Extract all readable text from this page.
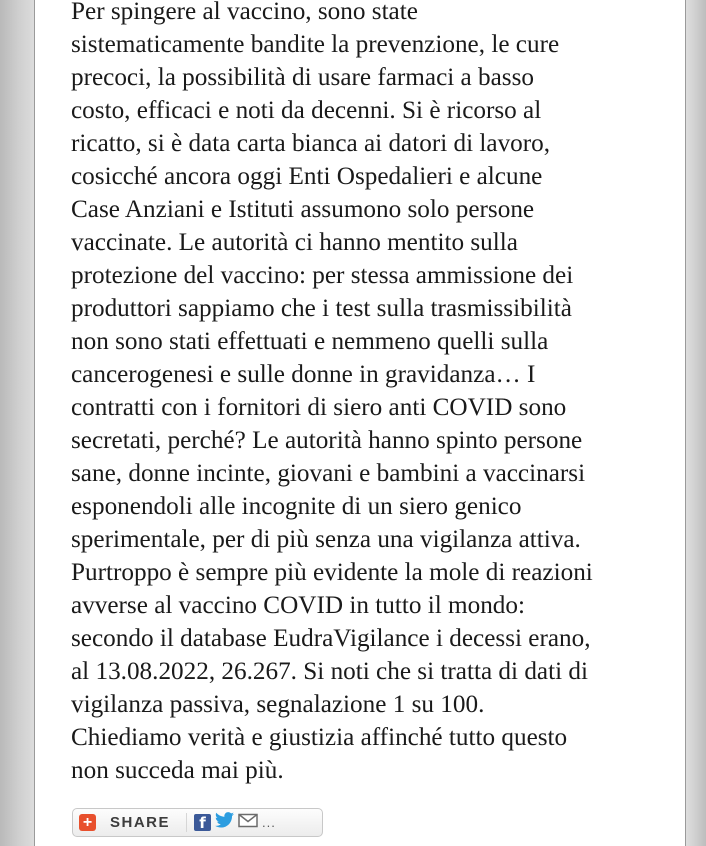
Per spingere al vaccino, sono state
sistematicamente bandite la prevenzione, le cure
precoci, la possibilità di usare farmaci a basso
costo, efficaci e noti da decenni. Si è ricorso al
ricatto, si è data carta bianca ai datori di lavoro,
cosicché ancora oggi Enti Ospedalieri e alcune
Case Anziani e Istituti assumono solo persone
vaccinate. Le autorità ci hanno mentito sulla
protezione del vaccino: per stessa ammissione dei
produttori sappiamo che i test sulla trasmissibilità
non sono stati effettuati e nemmeno quelli sulla
cancerogenesi e sulle donne in gravidanza… I
contratti con i fornitori di siero anti COVID sono
secretati, perché? Le autorità hanno spinto persone
sane, donne incinte, giovani e bambini a vaccinarsi
esponendoli alle incognite di un siero genico
sperimentale, per di più senza una vigilanza attiva.
Purtroppo è sempre più evidente la mole di reazioni
avverse al vaccino COVID in tutto il mondo:
secondo il database EudraVigilance i decessi erano,
al 13.08.2022, 26.267. Si noti che si tratta di dati di
vigilanza passiva, segnalazione 1 su 100.
Chiediamo verità e giustizia affinché tutto questo
non succeda mai più.

+ SHARE	f	...
